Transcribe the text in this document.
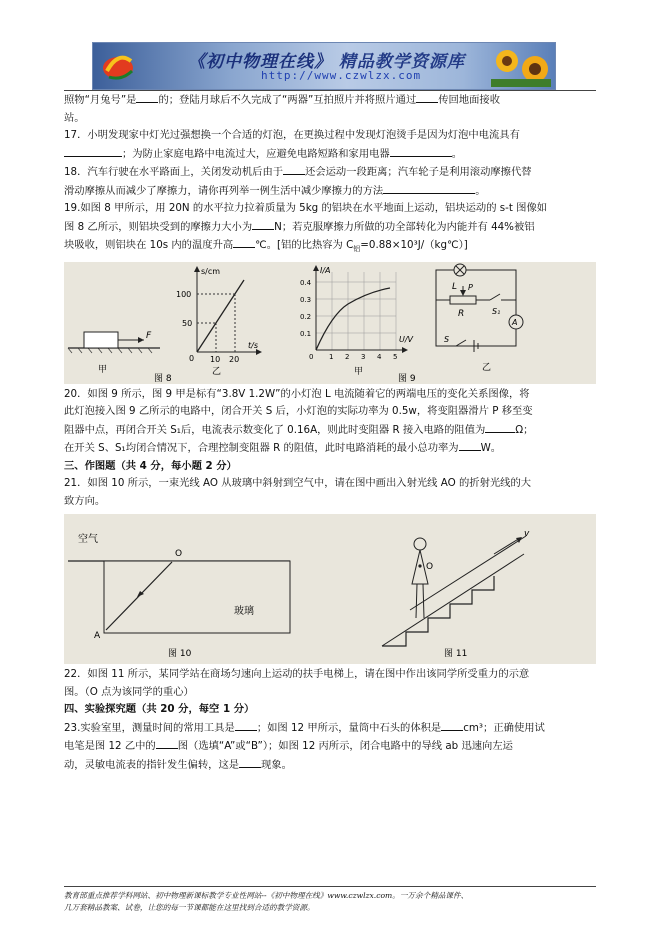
《初中物理在线》 精品教学资源库
http://www.czwlzx.com

照物“月兔号”是 的；登陆月球后不久完成了“两器”互拍照片并将照片通过 传回地面接收

站。

17．小明发现家中灯光过强想换一个合适的灯泡，在更换过程中发现灯泡烫手是因为灯泡中电流具有

；为防止家庭电路中电流过大，应避免电路短路和家用电器	。

18．汽车行驶在水平路面上，关闭发动机后由于 还会运动一段距离；汽车轮子是利用滚动摩擦代替

滑动摩擦从而减少了摩擦力，请你再列举一例生活中减少摩擦力的方法	。

19.如图 8 甲所示，用 20N 的水平拉力拉着质量为 5kg 的铝块在水平地面上运动，铝块运动的 s-t 图像如

图 8 乙所示，则铝块受到的摩擦力大小为 N；若克服摩擦力所做的功全部转化为内能并有 44%被铝

块吸收，则铝块在 10s 内的温度升高 ℃。[铝的比热容为 $C_铝=0.88\times 10^3J/(kg℃)$]

F
甲
s/cm
100
50
0 10 20
t/s
乙
图 8
I/A
0.4
0.3
0.2
0.1
0 1 2 3 4 5
U/V
甲
L P
R	S₁
S
A
乙
图 9

20．如图 9 所示，图 9 甲是标有“3.8V 1.2W”的小灯泡 L 电流随着它的两端电压的变化关系图像，将

此灯泡接入图 9 乙所示的电路中，闭合开关 S 后，小灯泡的实际功率为 0.5w，将变阻器滑片 P 移至变

阻器中点，再闭合开关 S₁后，电流表示数变化了 0.16A，则此时变阻器 R 接入电路的阻值为	Ω；

在开关 S、S₁均闭合情况下，合理控制变阻器 R 的阻值，此时电路消耗的最小总功率为 W。

三、作图题（共 4 分，每小题 2 分）

21．如图 10 所示，一束光线 AO 从玻璃中斜射到空气中，请在图中画出入射光线 AO 的折射光线的大

致方向。

空气
O
A
玻璃
图 10
v
O
图 11

22．如图 11 所示，某同学站在商场匀速向上运动的扶手电梯上，请在图中作出该同学所受重力的示意

图。（O 点为该同学的重心）

四、实验探究题（共 20 分，每空 1 分）

23.实验室里，测量时间的常用工具是 ；如图 12 甲所示，量筒中石头的体积是 cm³；正确使用试

电笔是图 12 乙中的 图（选填“A”或“B”）；如图 12 丙所示，闭合电路中的导线 ab 迅速向左运

动，灵敏电流表的指针发生偏转，这是 现象。

教育部重点推荐学科网站、初中物理新课标教学专业性网站--《初中物理在线》www.czwlzx.com。一万余个精品课件、
几万套精品教案、试卷，让您的每一节课都能在这里找到合适的教学资源。
